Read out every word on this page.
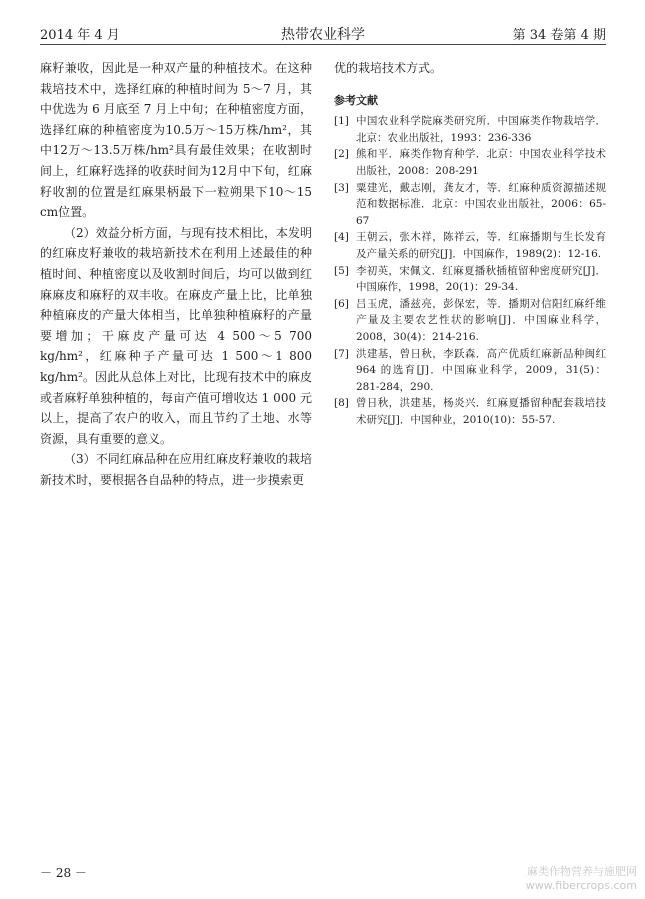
2014 年 4 月	热带农业科学	第 34 卷第 4 期

麻籽兼收，因此是一种双产量的种植技术。在这种栽培技术中，选择红麻的种植时间为 5～7 月，其中优选为 6 月底至 7 月上中旬；在种植密度方面，选择红麻的种植密度为10.5万～15万株/hm²，其中12万～13.5万株/hm²具有最佳效果；在收割时间上，红麻籽选择的收获时间为12月中下旬，红麻籽收割的位置是红麻果柄最下一粒朔果下10～15 cm位置。

（2）效益分析方面，与现有技术相比，本发明的红麻皮籽兼收的栽培新技术在利用上述最佳的种植时间、种植密度以及收割时间后，均可以做到红麻麻皮和麻籽的双丰收。在麻皮产量上比，比单独种植麻皮的产量大体相当，比单独种植麻籽的产量要增加；干麻皮产量可达 4 500～5 700 kg/hm²，红麻种子产量可达 1 500～1 800 kg/hm²。因此从总体上对比，比现有技术中的麻皮或者麻籽单独种植的，每亩产值可增收达 1 000 元以上，提高了农户的收入，而且节约了土地、水等资源，具有重要的意义。

（3）不同红麻品种在应用红麻皮籽兼收的栽培新技术时，要根据各自品种的特点，进一步摸索更

优的栽培技术方式。

参考文献
[1] 中国农业科学院麻类研究所．中国麻类作物栽培学．北京：农业出版社，1993：236-336
[2] 熊和平．麻类作物育种学．北京：中国农业科学技术出版社，2008：208-291
[3] 粟建光，戴志刚，龚友才，等．红麻种质资源描述规范和数据标准．北京：中国农业出版社，2006：65-67
[4] 王朝云，张木祥，陈祥云，等．红麻播期与生长发育及产量关系的研究[J]．中国麻作，1989(2)：12-16.
[5] 李初英，宋佩文．红麻夏播秋插植留种密度研究[J]．中国麻作，1998，20(1)：29-34.
[6] 吕玉虎，潘兹亮，彭保宏，等．播期对信阳红麻纤维产量及主要农艺性状的影响[J]．中国麻业科学，2008，30(4)：214-216.
[7] 洪建基，曾日秋，李跃森．高产优质红麻新品种闽红 964 的选育[J]．中国麻业科学，2009，31(5)：281-284，290.
[8] 曾日秋，洪建基，杨炎兴．红麻夏播留种配套栽培技术研究[J]．中国种业，2010(10)：55-57.
－ 28 －	麻类作物营养与施肥网
www.fibercrops.com
